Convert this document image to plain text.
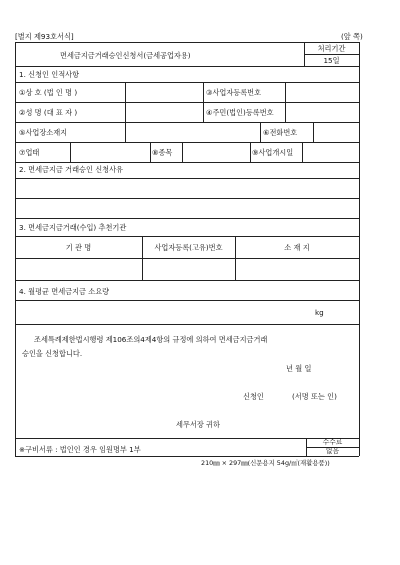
[별지 제93호서식]	(앞 쪽)
면세금지금거래승인신청서(금세공업자용)
처리기간
15일
1. 신청인 인적사항
①상 호 (법 인 명 )	③사업자등록번호
②성 명 (대 표 자 )	④주민(법인)등록번호
⑤사업장소재지	⑥전화번호
⑦업태	⑧종목	⑨사업개시일
2. 면세금지금 거래승인 신청사유
3. 면세금지금거래(수입) 추천기관
기 관 명	사업자등록(고유)번호	소 재 지
4. 월평균 면세금지금 소요량
kg
조세특례제한법시행령 제106조의4제4항의 규정에 의하여 면세금지금거래
승인을 신청합니다.
년 월 일
신청인	(서명 또는 인)
세무서장 귀하
※구비서류 : 법인인 경우 임원명부 1부
수수료
없음
210㎜ × 297㎜(신문용지 54g/㎡(재활용품))
